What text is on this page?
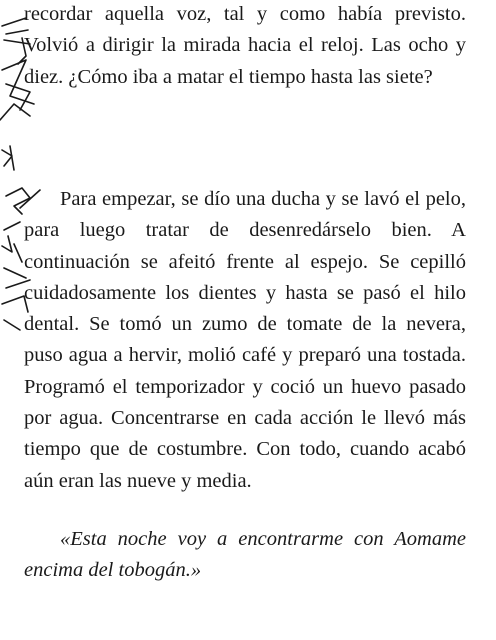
recordar aquella voz, tal y como había previsto. Volvió a dirigir la mirada hacia el reloj. Las ocho y diez. ¿Cómo iba a matar el tiempo hasta las siete?

Para empezar, se dío una ducha y se lavó el pelo, para luego tratar de desenredárselo bien. A continuación se afeitó frente al espejo. Se cepilló cuidadosamente los dientes y hasta se pasó el hilo dental. Se tomó un zumo de tomate de la nevera, puso agua a hervir, molió café y preparó una tostada. Programó el temporizador y coció un huevo pasado por agua. Concentrarse en cada acción le llevó más tiempo que de costumbre. Con todo, cuando acabó aún eran las nueve y media.

«Esta noche voy a encontrarme con Aomame encima del tobogán.»
